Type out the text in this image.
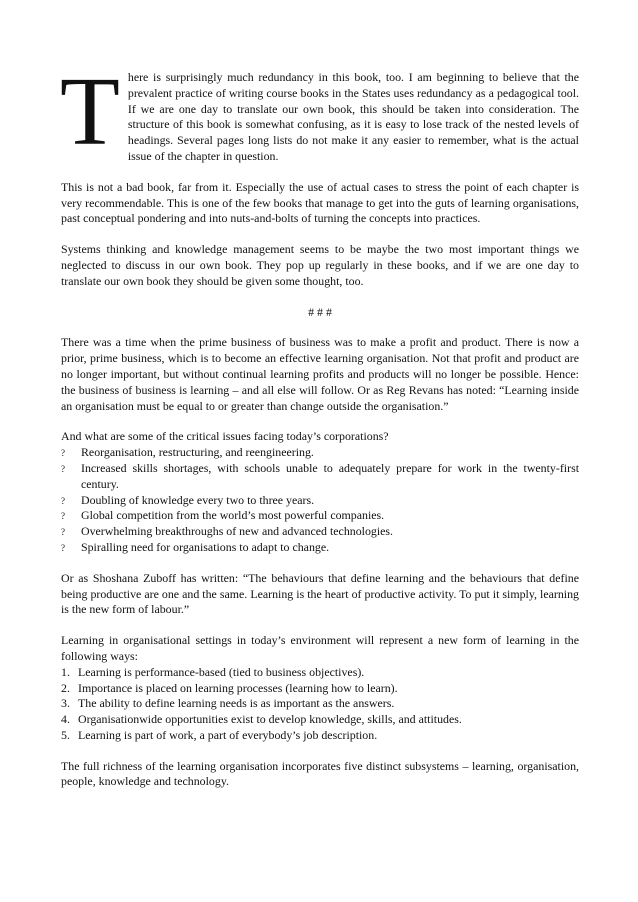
There is surprisingly much redundancy in this book, too. I am beginning to believe that the prevalent practice of writing course books in the States uses redundancy as a pedagogical tool. If we are one day to translate our own book, this should be taken into consideration. The structure of this book is somewhat confusing, as it is easy to lose track of the nested levels of headings. Several pages long lists do not make it any easier to remember, what is the actual issue of the chapter in question.

This is not a bad book, far from it. Especially the use of actual cases to stress the point of each chapter is very recommendable. This is one of the few books that manage to get into the guts of learning organisations, past conceptual pondering and into nuts-and-bolts of turning the concepts into practices.

Systems thinking and knowledge management seems to be maybe the two most important things we neglected to discuss in our own book. They pop up regularly in these books, and if we are one day to translate our own book they should be given some thought, too.

# # #

There was a time when the prime business of business was to make a profit and product. There is now a prior, prime business, which is to become an effective learning organisation. Not that profit and product are no longer important, but without continual learning profits and products will no longer be possible. Hence: the business of business is learning – and all else will follow. Or as Reg Revans has noted: “Learning inside an organisation must be equal to or greater than change outside the organisation.”

And what are some of the critical issues facing today’s corporations?

? Reorganisation, restructuring, and reengineering.
? Increased skills shortages, with schools unable to adequately prepare for work in the twenty-first century.
? Doubling of knowledge every two to three years.
? Global competition from the world’s most powerful companies.
? Overwhelming breakthroughs of new and advanced technologies.
? Spiralling need for organisations to adapt to change.

Or as Shoshana Zuboff has written: “The behaviours that define learning and the behaviours that define being productive are one and the same. Learning is the heart of productive activity. To put it simply, learning is the new form of labour.”

Learning in organisational settings in today’s environment will represent a new form of learning in the following ways:

1. Learning is performance-based (tied to business objectives).
2. Importance is placed on learning processes (learning how to learn).
3. The ability to define learning needs is as important as the answers.
4. Organisationwide opportunities exist to develop knowledge, skills, and attitudes.
5. Learning is part of work, a part of everybody’s job description.

The full richness of the learning organisation incorporates five distinct subsystems – learning, organisation, people, knowledge and technology.
